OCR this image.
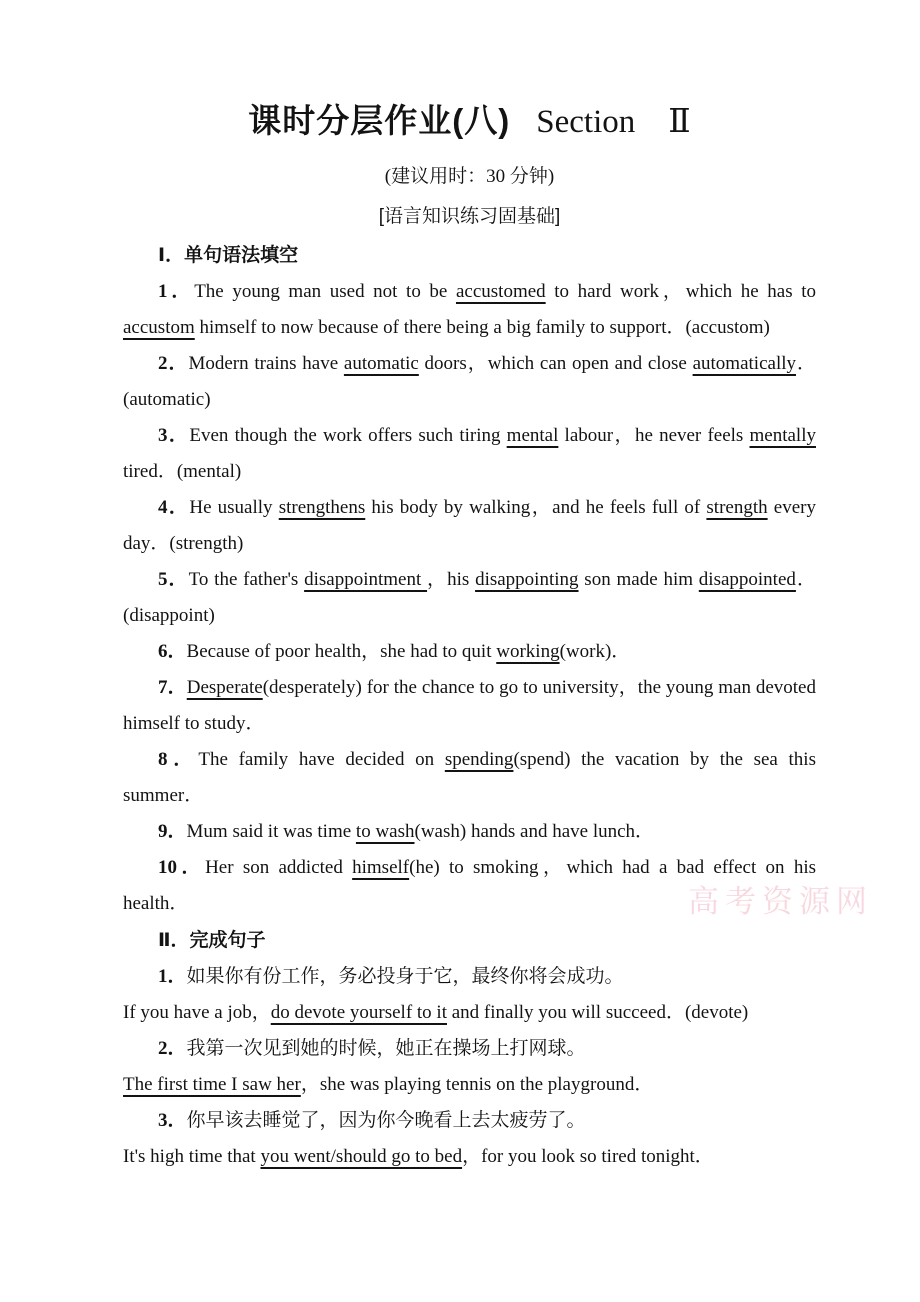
高考资源网
课时分层作业(八) Section　Ⅱ

(建议用时：30 分钟)

[语言知识练习固基础]

Ⅰ．单句语法填空

1．The young man used not to be accustomed to hard work，which he has to accustom himself to now because of there being a big family to support．(accustom)

2．Modern trains have automatic doors，which can open and close automatically．(automatic)

3．Even though the work offers such tiring mental labour，he never feels mentally tired．(mental)

4．He usually strengthens his body by walking，and he feels full of strength every day．(strength)

5．To the father's disappointment ，his disappointing son made him disappointed．(disappoint)

6．Because of poor health，she had to quit working(work)．

7．Desperate(desperately) for the chance to go to university，the young man devoted himself to study．

8．The family have decided on spending(spend) the vacation by the sea this summer．

9．Mum said it was time to wash(wash) hands and have lunch．

10．Her son addicted himself(he) to smoking，which had a bad effect on his health．

Ⅱ．完成句子

1．如果你有份工作，务必投身于它，最终你将会成功。

If you have a job，do devote yourself to it and finally you will succeed．(devote)

2．我第一次见到她的时候，她正在操场上打网球。

The first time I saw her，she was playing tennis on the playground．

3．你早该去睡觉了，因为你今晚看上去太疲劳了。

It's high time that you went/should go to bed，for you look so tired tonight．
